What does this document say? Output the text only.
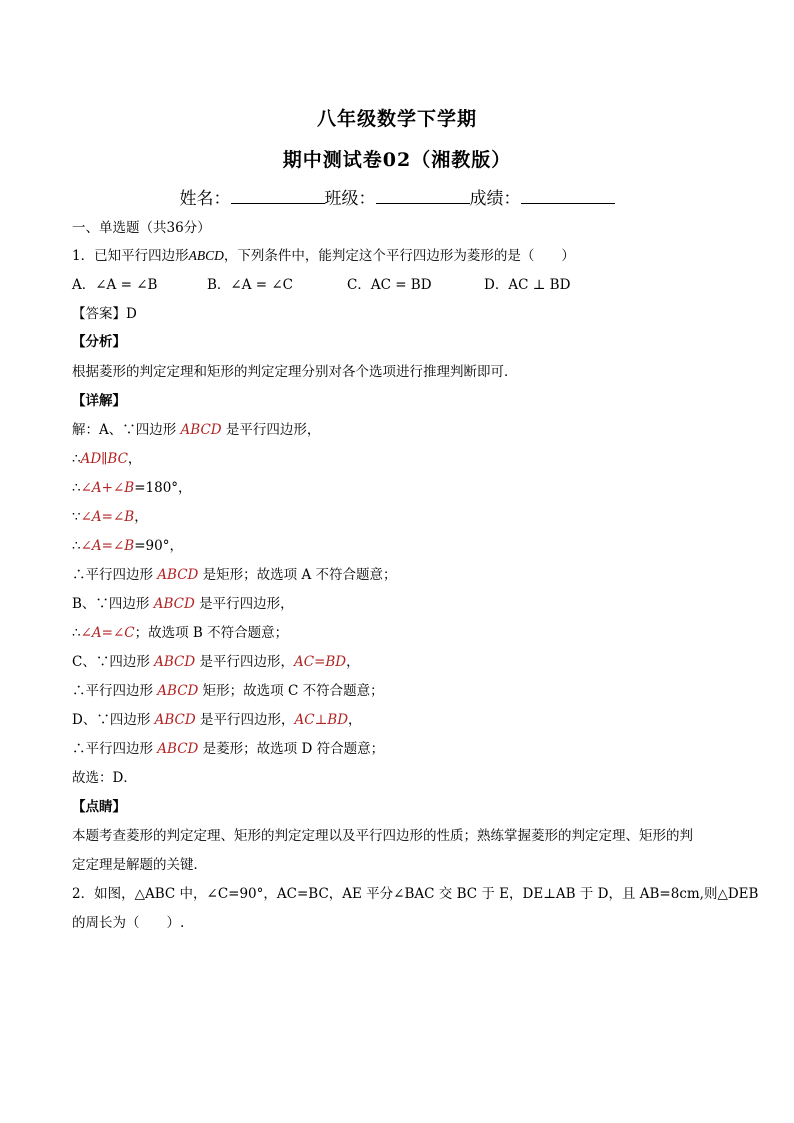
八年级数学下学期
期中测试卷02（湘教版）
姓名：	班级：	成绩：
一、单选题（共36分）
1．已知平行四边形ABCD，下列条件中，能判定这个平行四边形为菱形的是（　　）
A．∠A = ∠B	B．∠A = ∠C	C．AC = BD	D．AC ⊥ BD
【答案】D
【分析】
根据菱形的判定定理和矩形的判定定理分别对各个选项进行推理判断即可．
【详解】
解：A、∵四边形 ABCD 是平行四边形，
∴AD∥BC，
∴∠A+∠B=180°，
∵∠A=∠B，
∴∠A=∠B=90°，
∴平行四边形 ABCD 是矩形；故选项 A 不符合题意；
B、∵四边形 ABCD 是平行四边形，
∴∠A=∠C；故选项 B 不符合题意；
C、∵四边形 ABCD 是平行四边形，AC=BD，
∴平行四边形 ABCD 矩形；故选项 C 不符合题意；
D、∵四边形 ABCD 是平行四边形，AC⊥BD，
∴平行四边形 ABCD 是菱形；故选项 D 符合题意；
故选：D．
【点睛】
本题考查菱形的判定定理、矩形的判定定理以及平行四边形的性质；熟练掌握菱形的判定定理、矩形的判
定定理是解题的关键．
2．如图，△ABC 中，∠C=90°，AC=BC，AE 平分∠BAC 交 BC 于 E，DE⊥AB 于 D，且 AB=8cm,则△DEB
的周长为（　　）.
